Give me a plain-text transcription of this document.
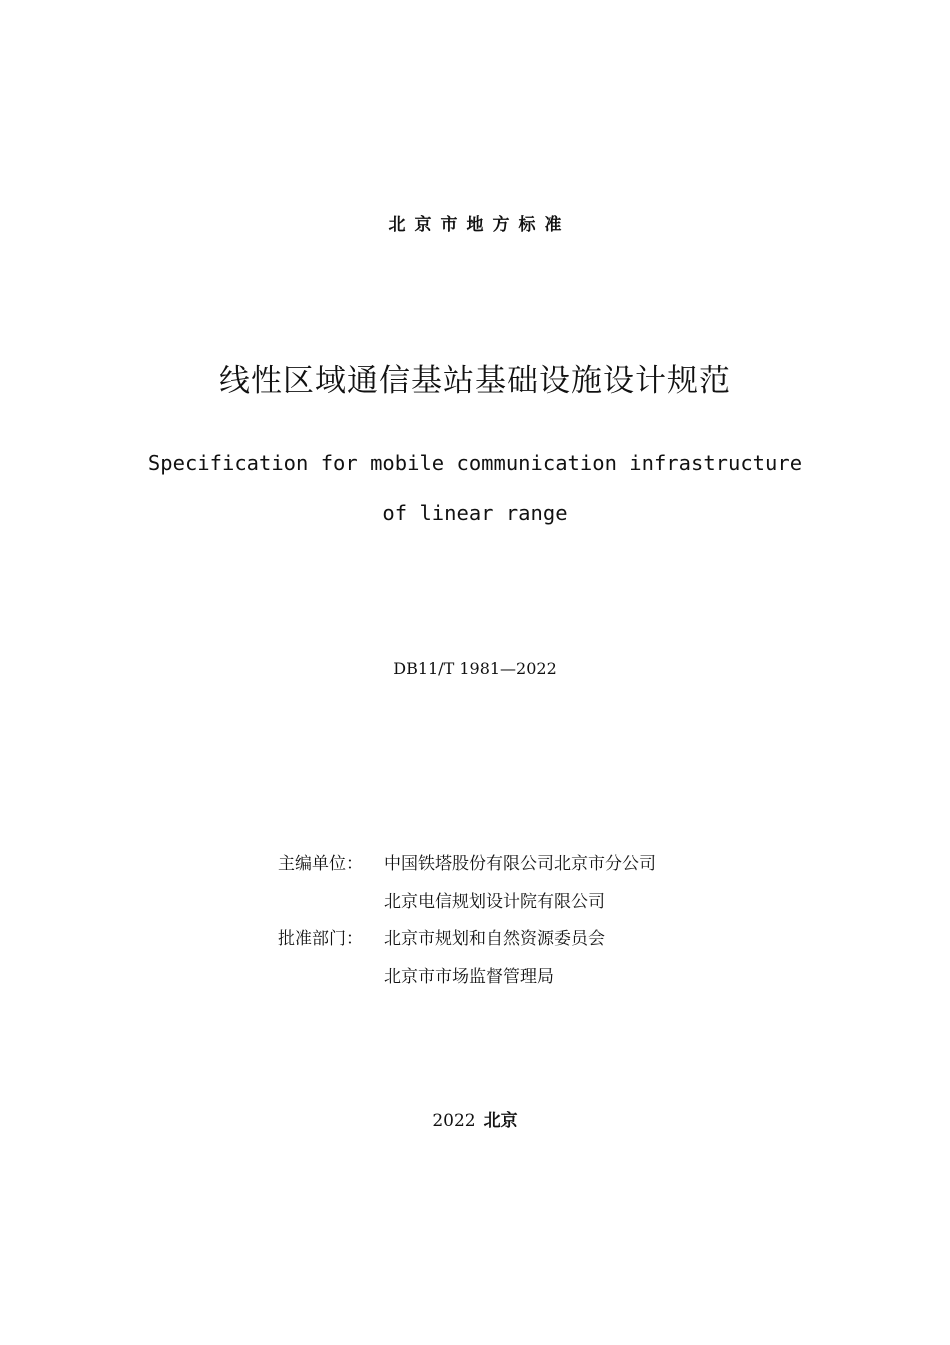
北京市地方标准
线性区域通信基站基础设施设计规范
Specification for mobile communication infrastructure
of linear range
DB11/T 1981—2022
主编单位：	中国铁塔股份有限公司北京市分公司
北京电信规划设计院有限公司
批准部门：	北京市规划和自然资源委员会
北京市市场监督管理局
2022 北京
